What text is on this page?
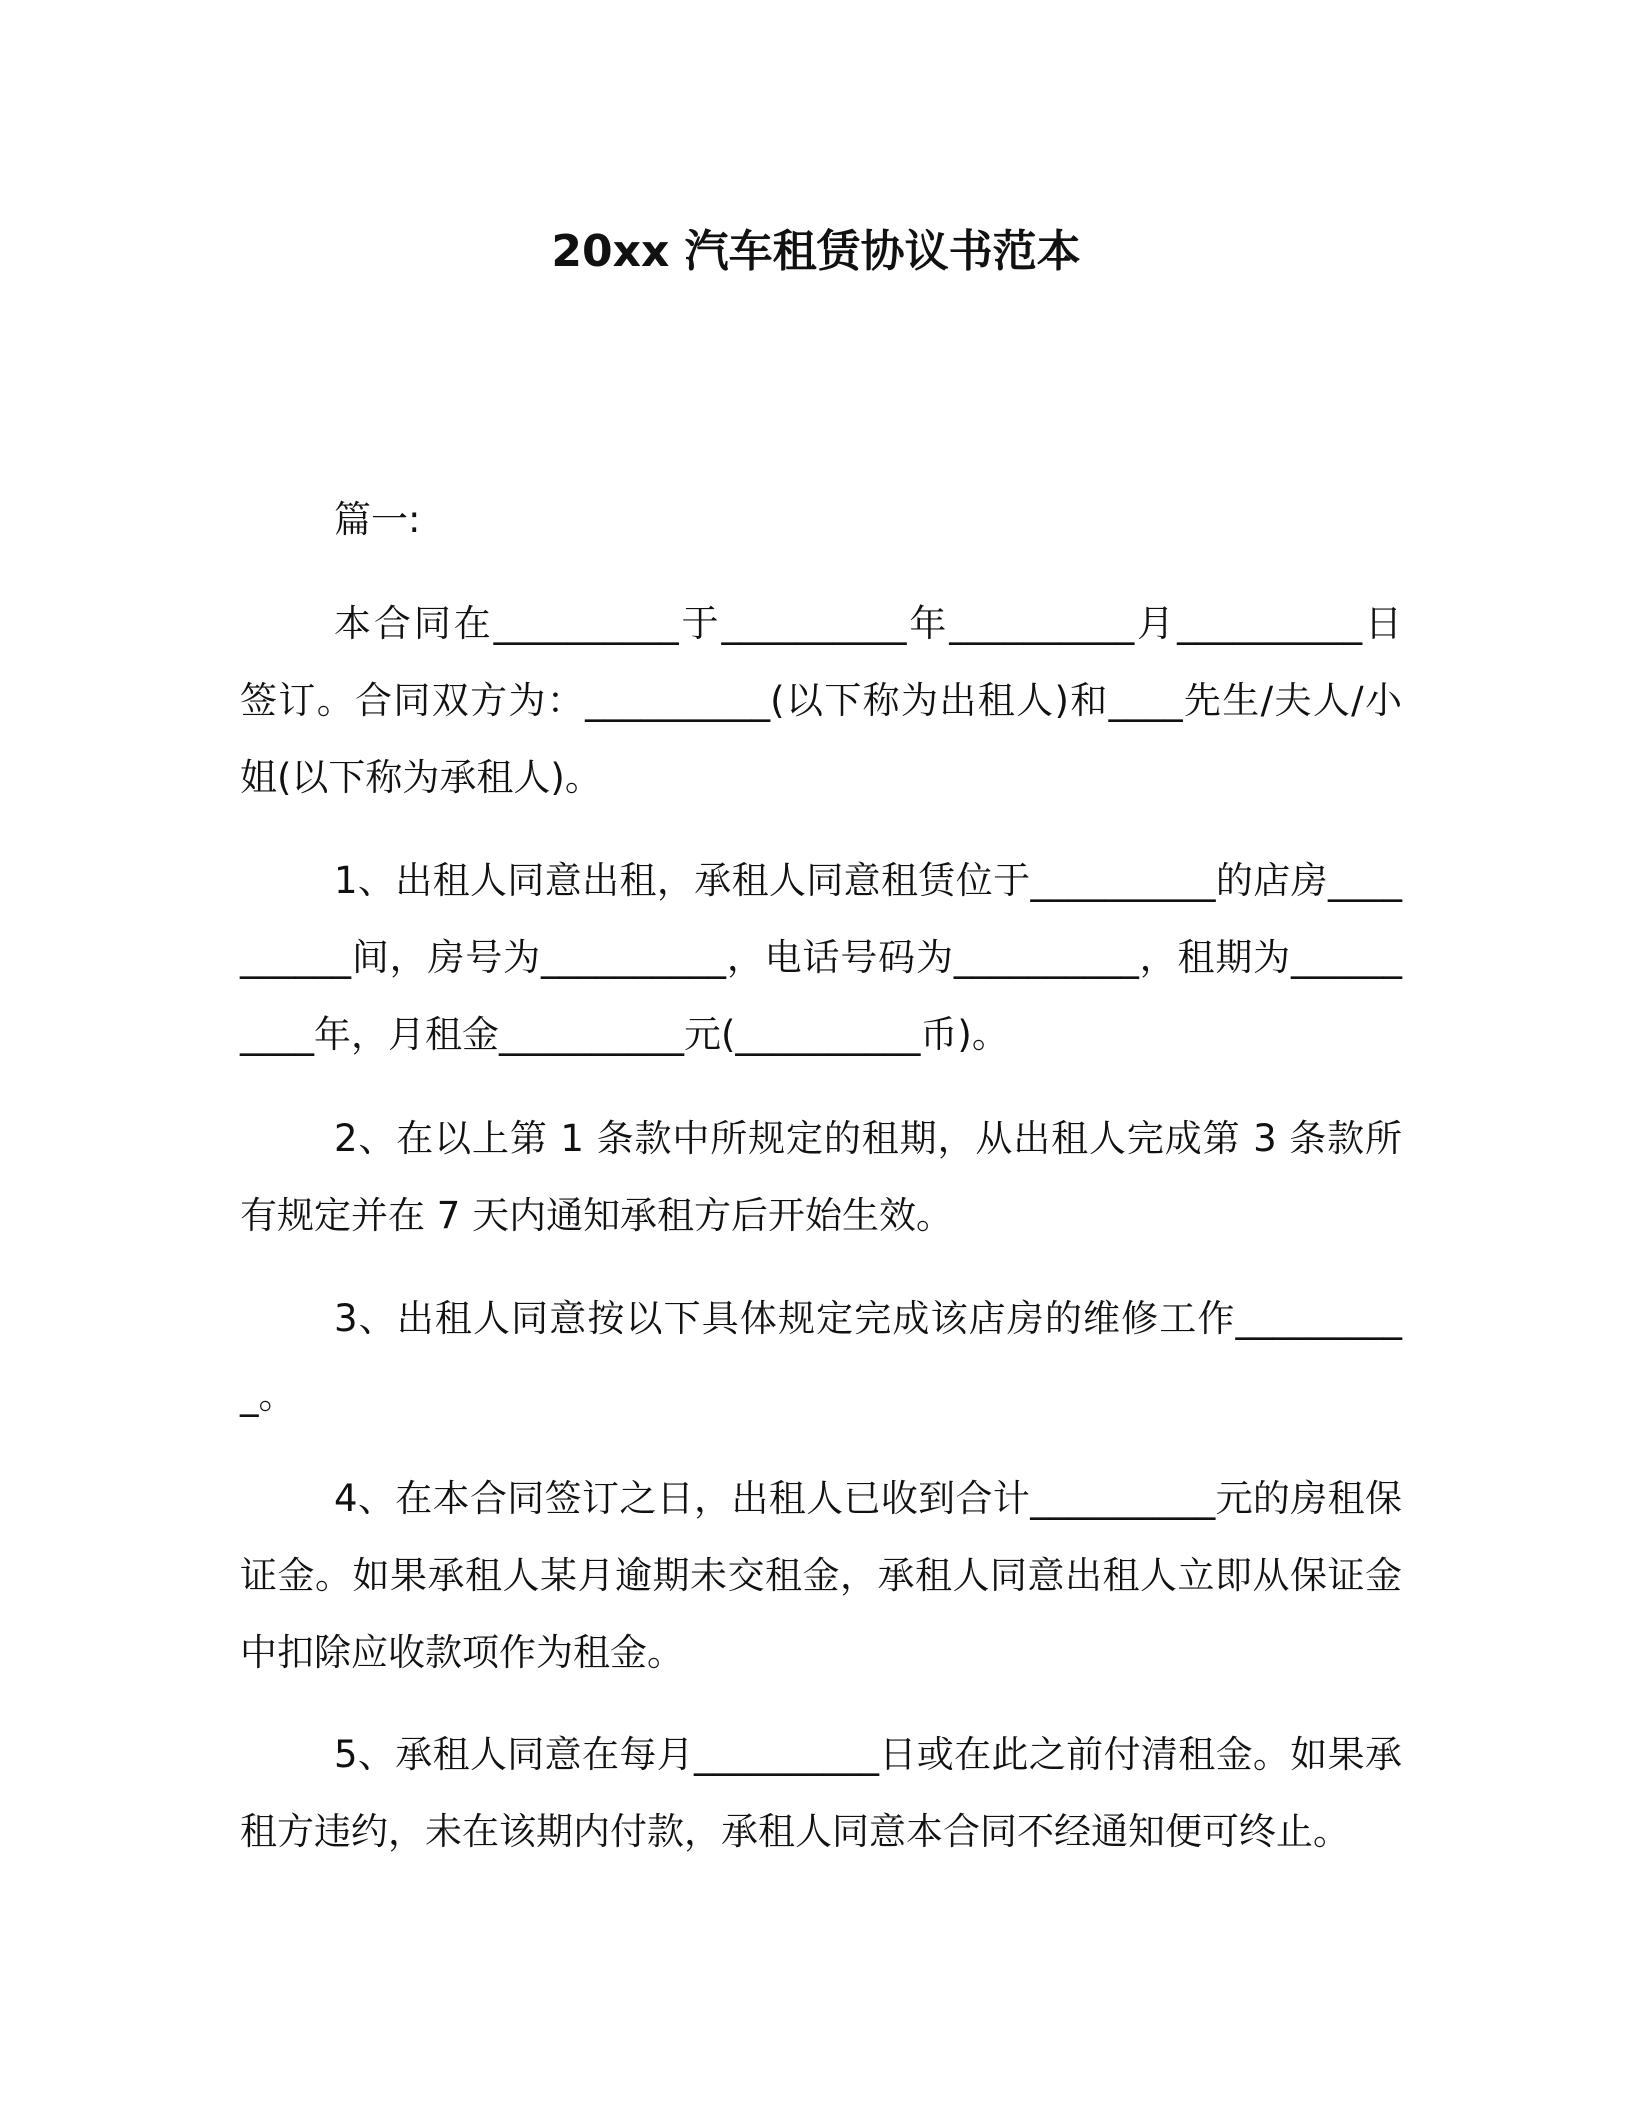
20xx 汽车租赁协议书范本
篇一:

本合同在__________于__________年__________月__________日签订。合同双方为：__________(以下称为出租人)和____先生/夫人/小姐(以下称为承租人)。

1、出租人同意出租，承租人同意租赁位于__________的店房__________间，房号为__________，电话号码为__________，租期为__________年，月租金__________元(__________币)。

2、在以上第 1 条款中所规定的租期，从出租人完成第 3 条款所有规定并在 7 天内通知承租方后开始生效。

3、出租人同意按以下具体规定完成该店房的维修工作__________。

4、在本合同签订之日，出租人已收到合计__________元的房租保证金。如果承租人某月逾期未交租金，承租人同意出租人立即从保证金中扣除应收款项作为租金。

5、承租人同意在每月__________日或在此之前付清租金。如果承租方违约，未在该期内付款，承租人同意本合同不经通知便可终止。
